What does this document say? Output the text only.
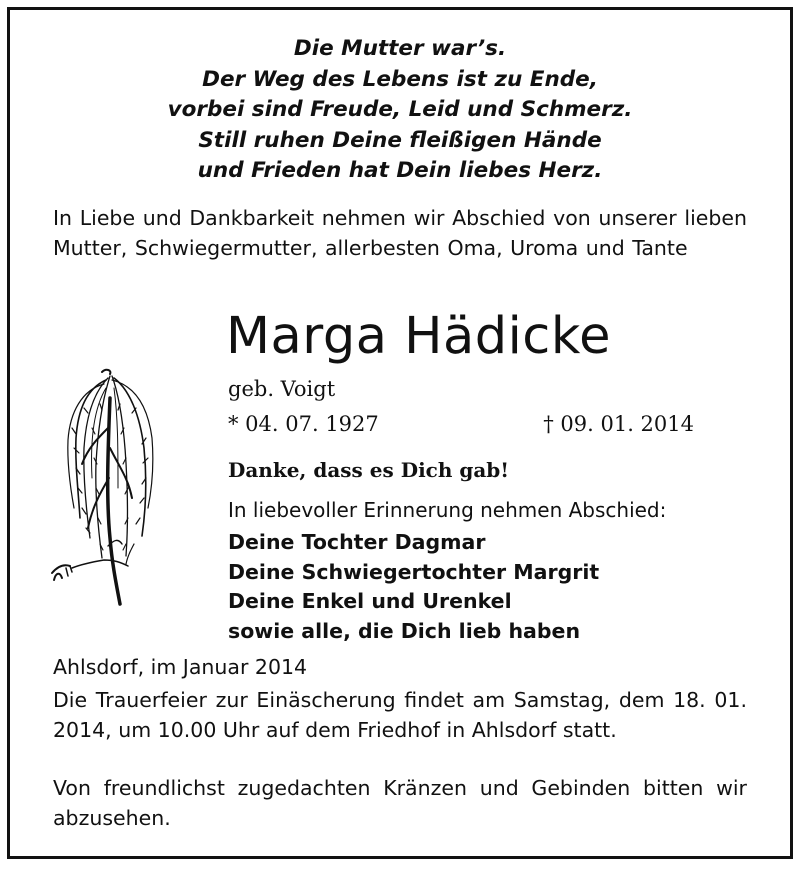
Die Mutter war’s.
Der Weg des Lebens ist zu Ende,
vorbei sind Freude, Leid und Schmerz.
Still ruhen Deine fleißigen Hände
und Frieden hat Dein liebes Herz.
In Liebe und Dankbarkeit nehmen wir Abschied von unserer lieben Mutter, Schwiegermutter, allerbesten Oma, Uroma und Tante
Marga Hädicke
geb. Voigt
* 04. 07. 1927	† 09. 01. 2014
Danke, dass es Dich gab!
In liebevoller Erinnerung nehmen Abschied:
Deine Tochter Dagmar
Deine Schwiegertochter Margrit
Deine Enkel und Urenkel
sowie alle, die Dich lieb haben
Ahlsdorf, im Januar 2014
Die Trauerfeier zur Einäscherung findet am Samstag, dem 18. 01. 2014, um 10.00 Uhr auf dem Friedhof in Ahlsdorf statt.
Von freundlichst zugedachten Kränzen und Gebinden bitten wir abzusehen.
